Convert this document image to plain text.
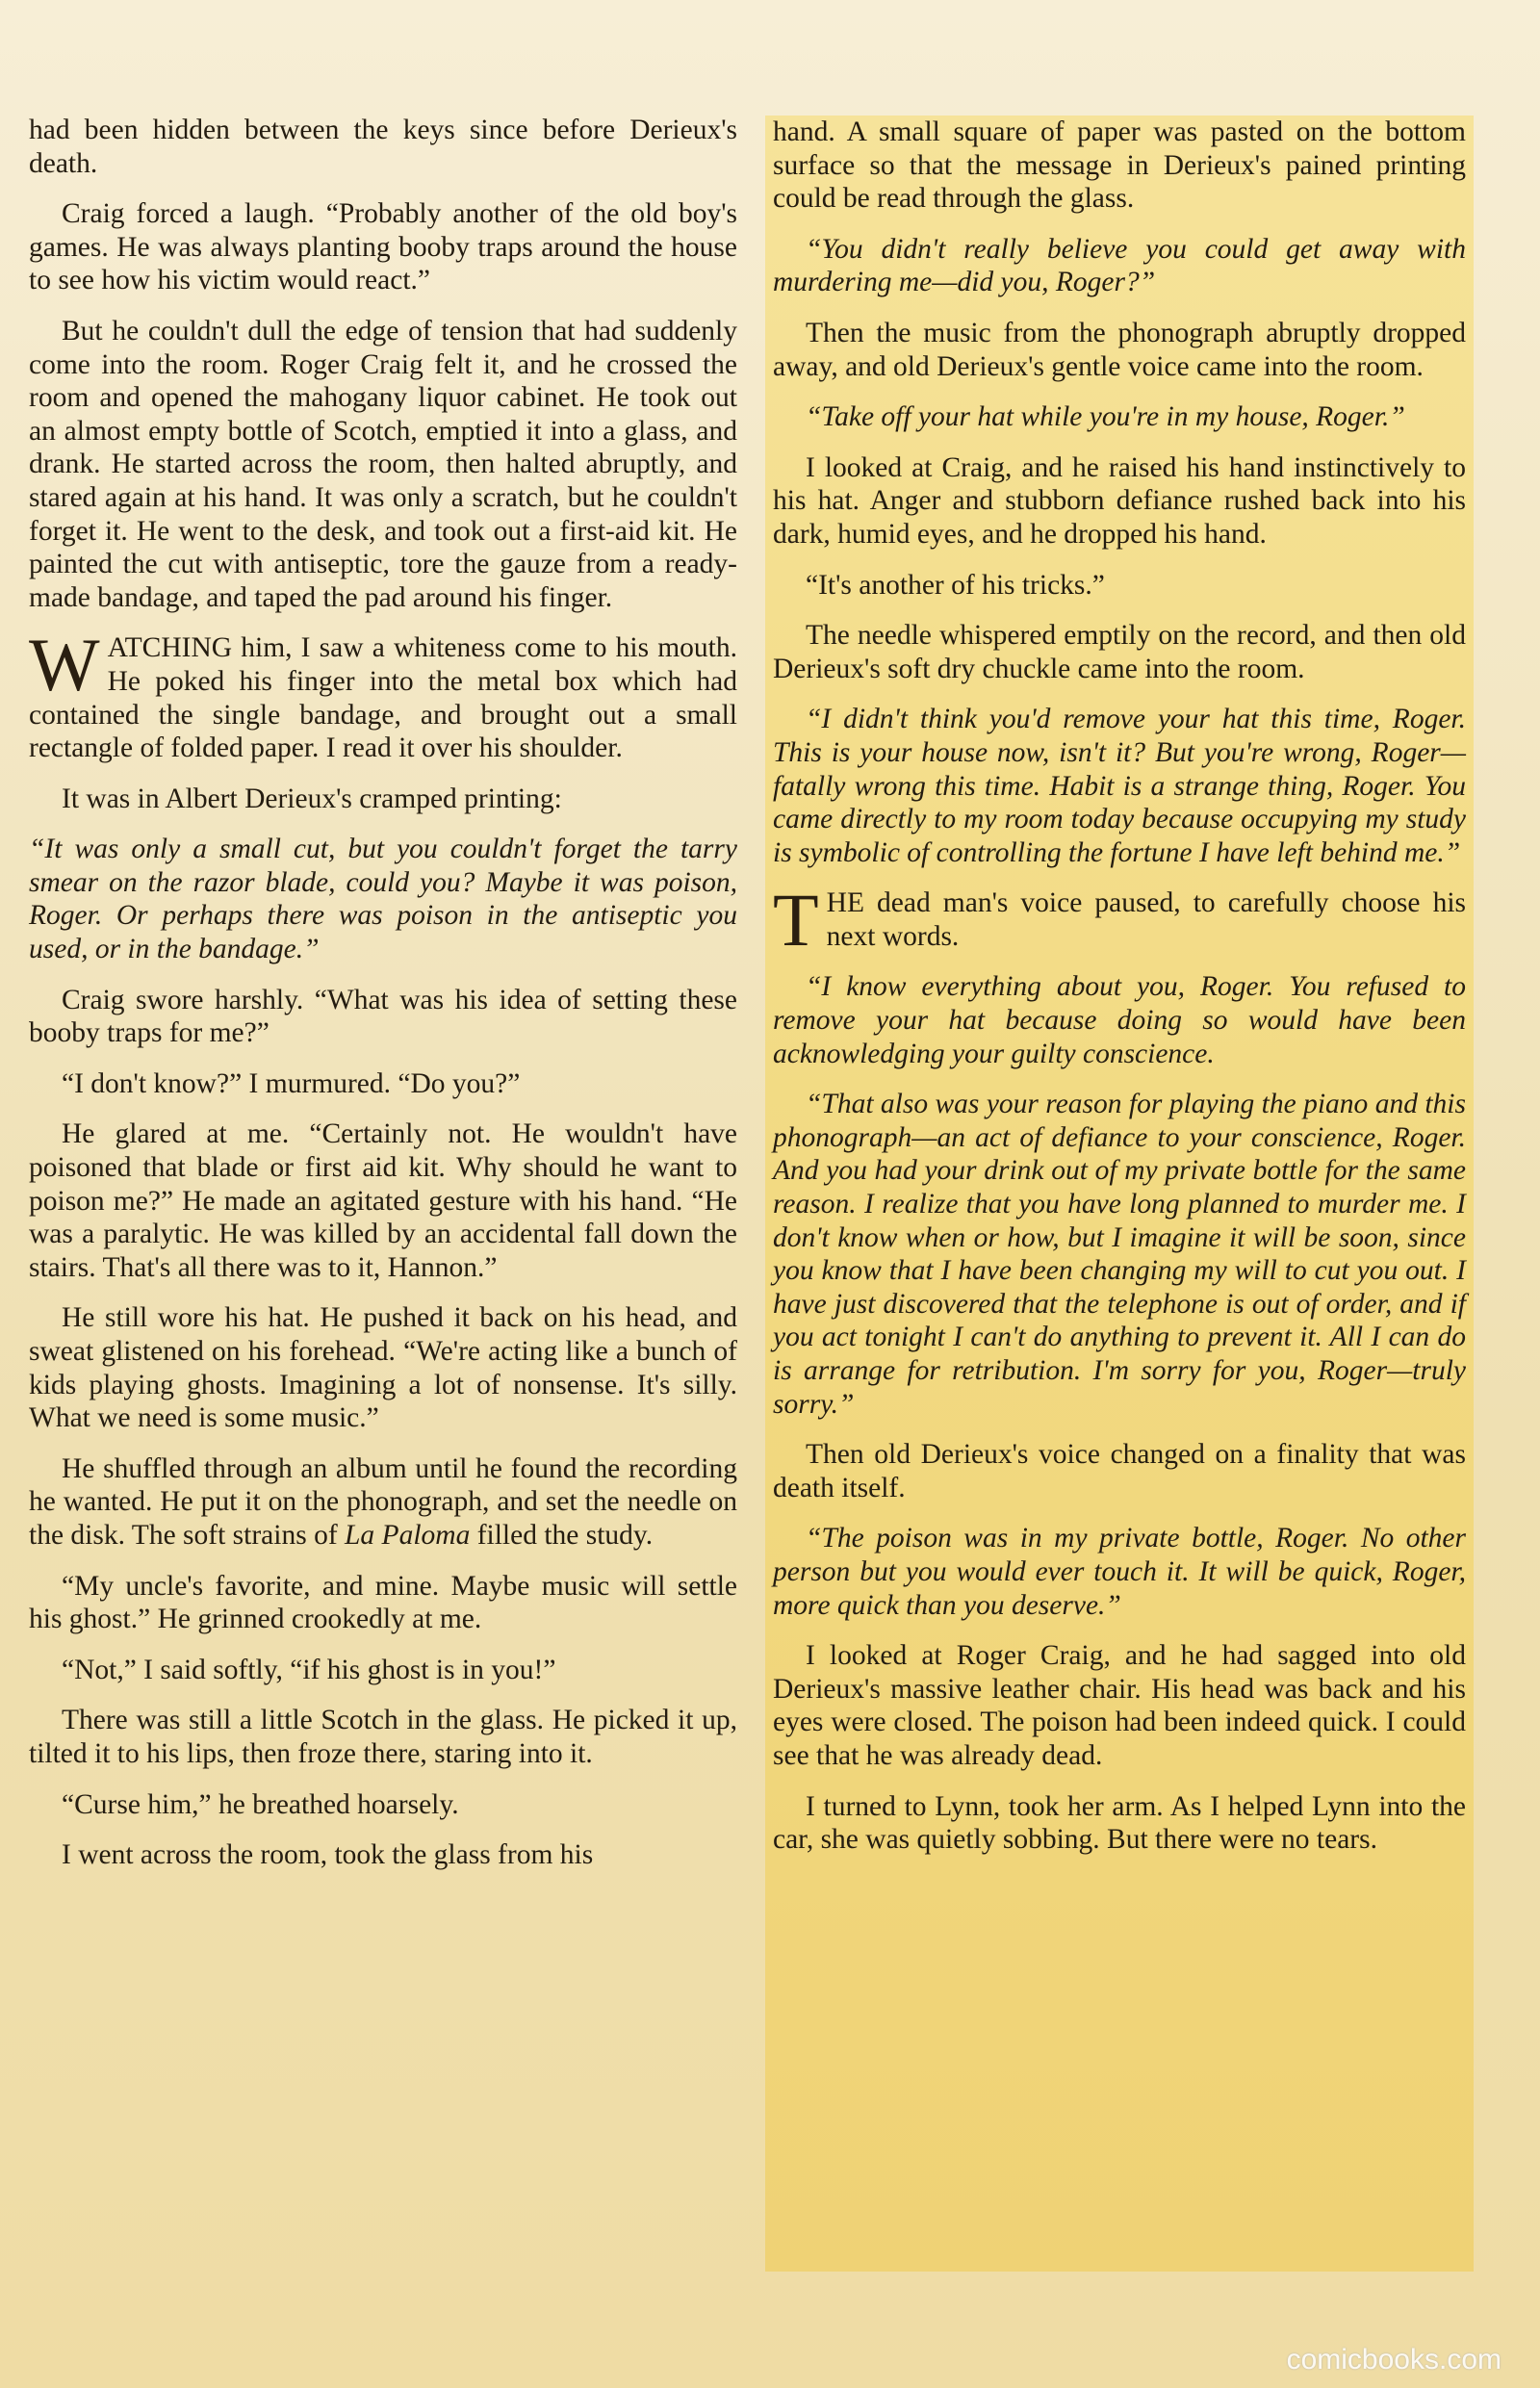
had been hidden between the keys since before Derieux's death.

Craig forced a laugh. “Probably another of the old boy's games. He was always planting booby traps around the house to see how his victim would react.”

But he couldn't dull the edge of tension that had suddenly come into the room. Roger Craig felt it, and he crossed the room and opened the mahogany liquor cabinet. He took out an almost empty bottle of Scotch, emptied it into a glass, and drank. He started across the room, then halted abruptly, and stared again at his hand. It was only a scratch, but he couldn't forget it. He went to the desk, and took out a first-aid kit. He painted the cut with antiseptic, tore the gauze from a ready-made bandage, and taped the pad around his finger.

WATCHING him, I saw a whiteness come to his mouth. He poked his finger into the metal box which had contained the single bandage, and brought out a small rectangle of folded paper. I read it over his shoulder.

It was in Albert Derieux's cramped printing:

“It was only a small cut, but you couldn't forget the tarry smear on the razor blade, could you? Maybe it was poison, Roger. Or perhaps there was poison in the antiseptic you used, or in the bandage.”

Craig swore harshly. “What was his idea of setting these booby traps for me?”

“I don't know?” I murmured. “Do you?”

He glared at me. “Certainly not. He wouldn't have poisoned that blade or first aid kit. Why should he want to poison me?” He made an agitated gesture with his hand. “He was a paralytic. He was killed by an accidental fall down the stairs. That's all there was to it, Hannon.”

He still wore his hat. He pushed it back on his head, and sweat glistened on his forehead. “We're acting like a bunch of kids playing ghosts. Imagining a lot of nonsense. It's silly. What we need is some music.”

He shuffled through an album until he found the recording he wanted. He put it on the phonograph, and set the needle on the disk. The soft strains of La Paloma filled the study.

“My uncle's favorite, and mine. Maybe music will settle his ghost.” He grinned crookedly at me.

“Not,” I said softly, “if his ghost is in you!”

There was still a little Scotch in the glass. He picked it up, tilted it to his lips, then froze there, staring into it.

“Curse him,” he breathed hoarsely.

I went across the room, took the glass from his

hand. A small square of paper was pasted on the bottom surface so that the message in Derieux's pained printing could be read through the glass.

“You didn't really believe you could get away with murdering me—did you, Roger?”

Then the music from the phonograph abruptly dropped away, and old Derieux's gentle voice came into the room.

“Take off your hat while you're in my house, Roger.”

I looked at Craig, and he raised his hand instinctively to his hat. Anger and stubborn defiance rushed back into his dark, humid eyes, and he dropped his hand.

“It's another of his tricks.”

The needle whispered emptily on the record, and then old Derieux's soft dry chuckle came into the room.

“I didn't think you'd remove your hat this time, Roger. This is your house now, isn't it? But you're wrong, Roger—fatally wrong this time. Habit is a strange thing, Roger. You came directly to my room today because occupying my study is symbolic of controlling the fortune I have left behind me.”

THE dead man's voice paused, to carefully choose his next words.

“I know everything about you, Roger. You refused to remove your hat because doing so would have been acknowledging your guilty conscience.

“That also was your reason for playing the piano and this phonograph—an act of defiance to your conscience, Roger. And you had your drink out of my private bottle for the same reason. I realize that you have long planned to murder me. I don't know when or how, but I imagine it will be soon, since you know that I have been changing my will to cut you out. I have just discovered that the telephone is out of order, and if you act tonight I can't do anything to prevent it. All I can do is arrange for retribution. I'm sorry for you, Roger—truly sorry.”

Then old Derieux's voice changed on a finality that was death itself.

“The poison was in my private bottle, Roger. No other person but you would ever touch it. It will be quick, Roger, more quick than you deserve.”

I looked at Roger Craig, and he had sagged into old Derieux's massive leather chair. His head was back and his eyes were closed. The poison had been indeed quick. I could see that he was already dead.

I turned to Lynn, took her arm. As I helped Lynn into the car, she was quietly sobbing. But there were no tears.

comicbooks.com
